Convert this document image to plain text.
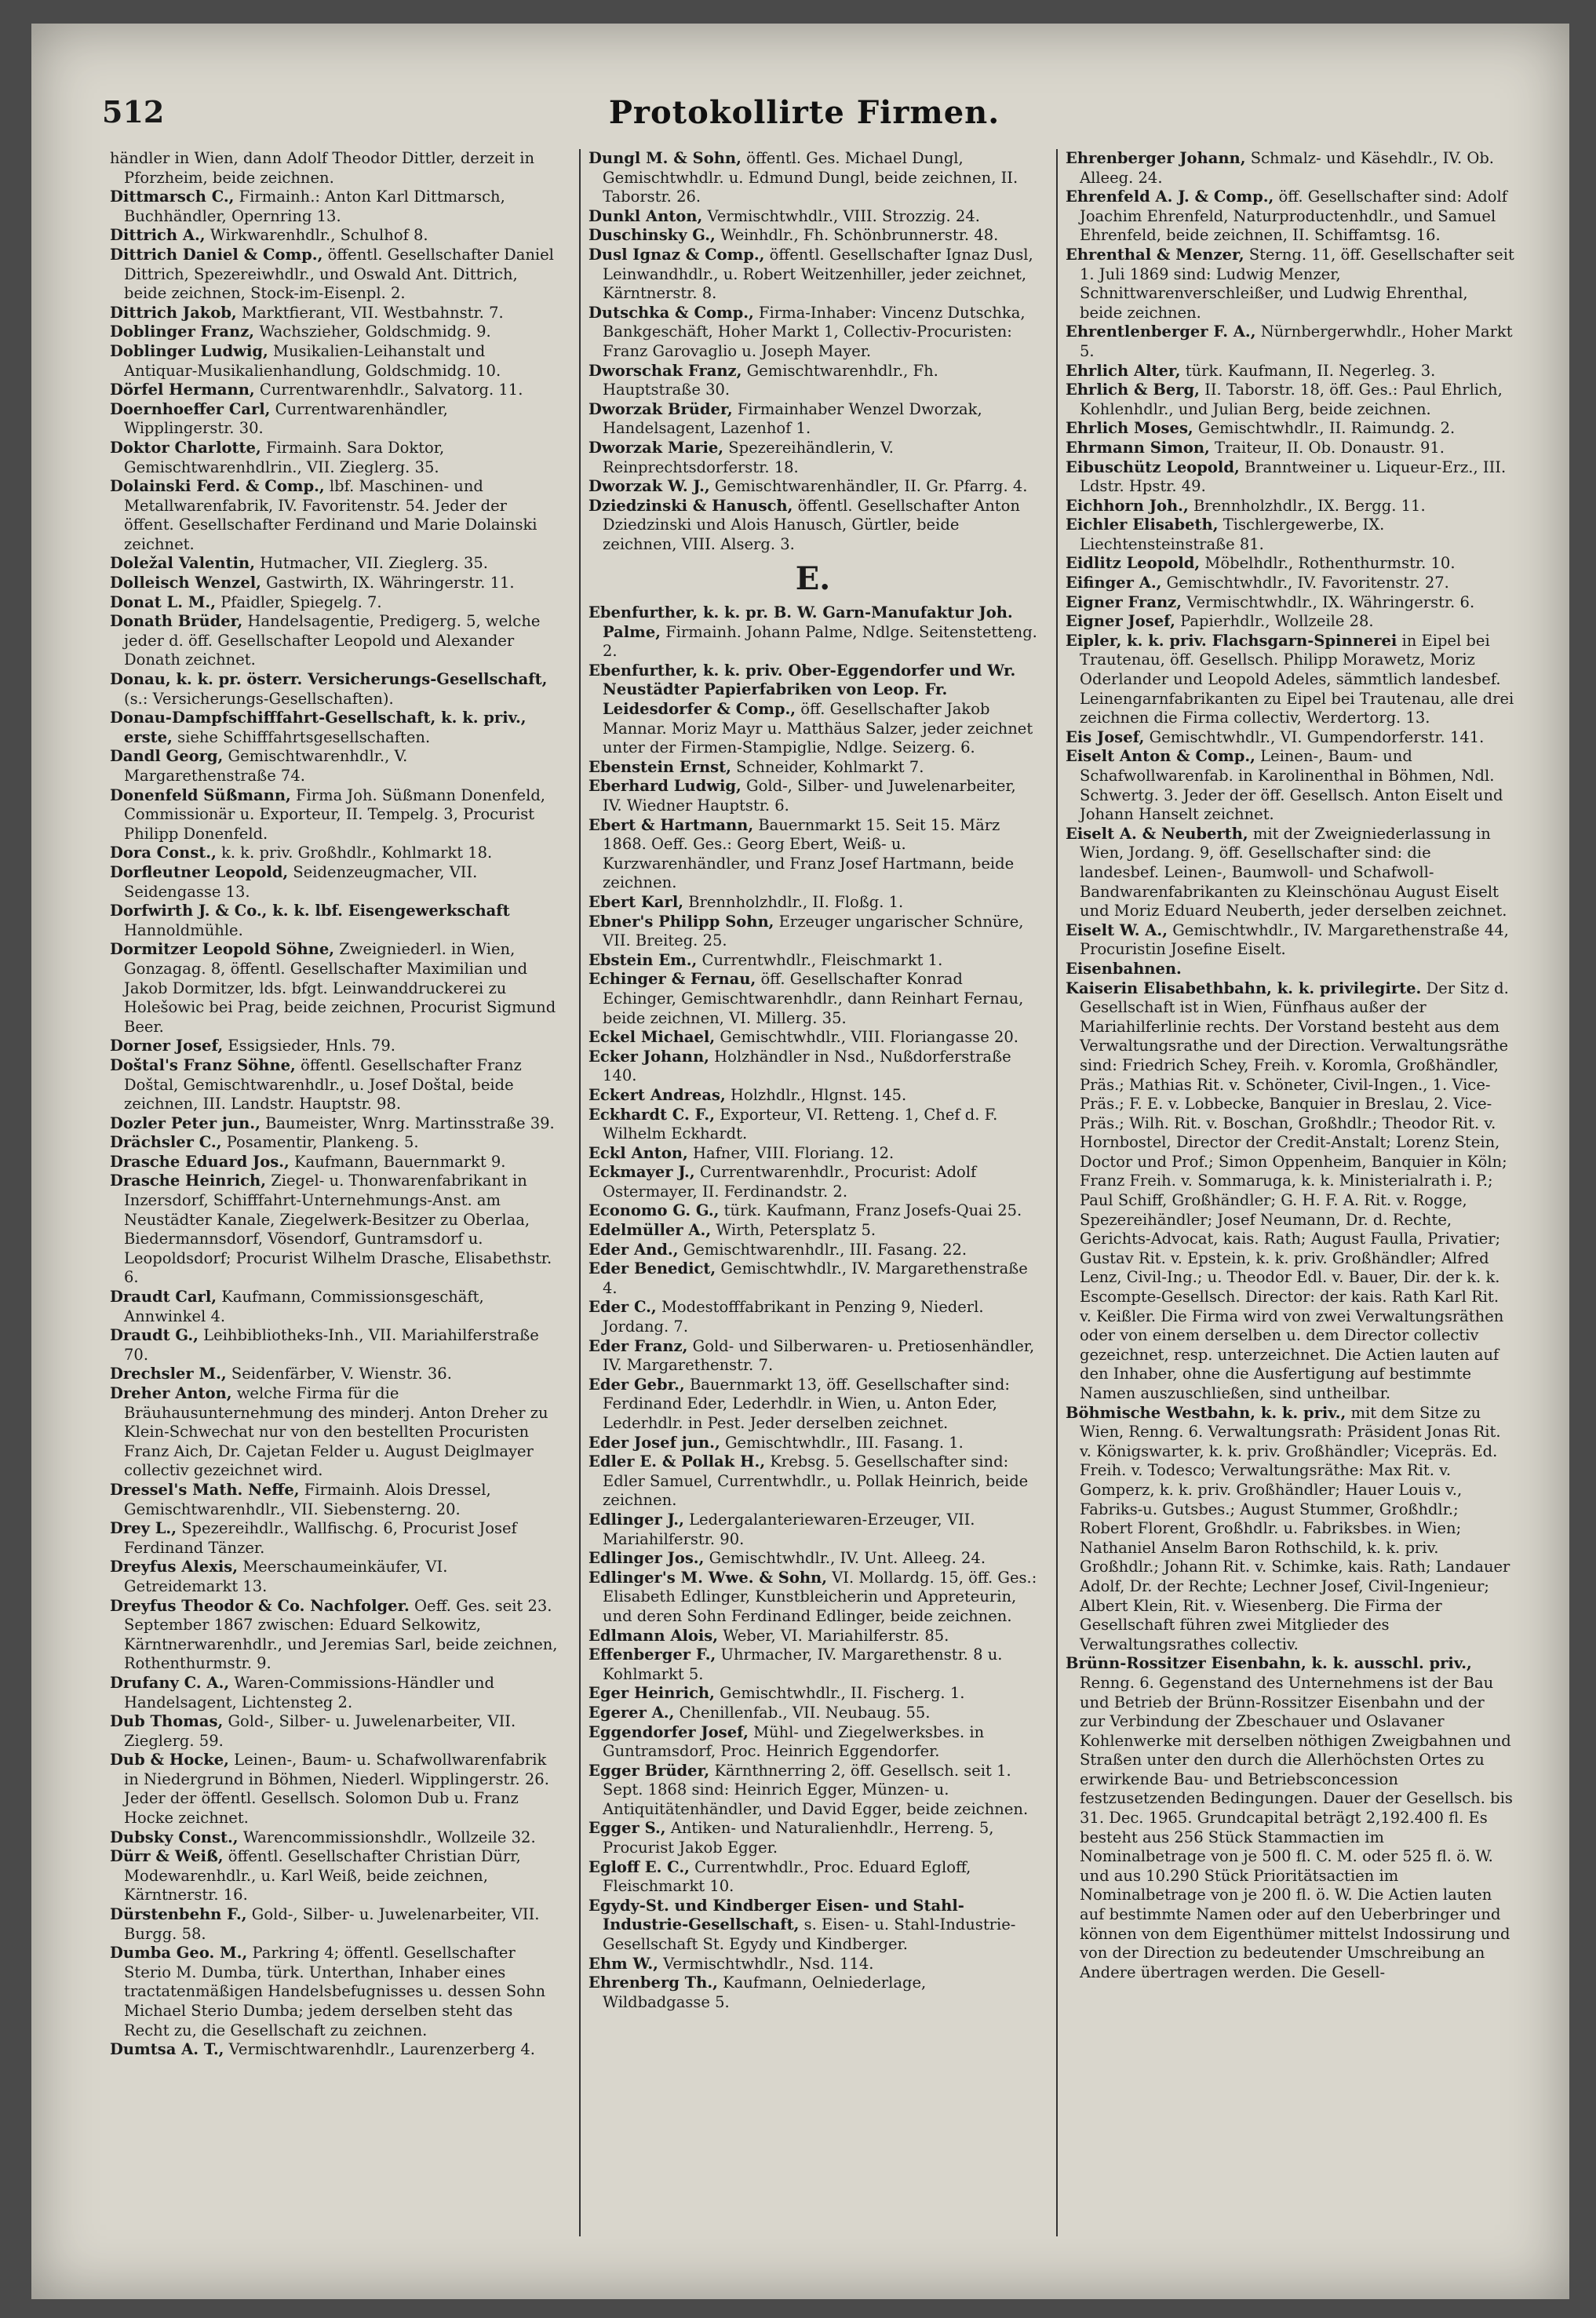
512	Protokollirte Firmen.

händler in Wien, dann Adolf Theodor Dittler, derzeit in Pforzheim, beide zeichnen.

Dittmarsch C., Firmainh.: Anton Karl Dittmarsch, Buchhändler, Opernring 13.

Dittrich A., Wirkwarenhdlr., Schulhof 8.

Dittrich Daniel & Comp., öffentl. Gesellschafter Daniel Dittrich, Spezereiwhdlr., und Oswald Ant. Dittrich, beide zeichnen, Stock-im-Eisenpl. 2.

Dittrich Jakob, Marktfierant, VII. Westbahnstr. 7.

Doblinger Franz, Wachszieher, Goldschmidg. 9.

Doblinger Ludwig, Musikalien-Leihanstalt und Antiquar-Musikalienhandlung, Goldschmidg. 10.

Dörfel Hermann, Currentwarenhdlr., Salvatorg. 11.

Doernhoeffer Carl, Currentwarenhändler, Wipplingerstr. 30.

Doktor Charlotte, Firmainh. Sara Doktor, Gemischtwarenhdlrin., VII. Zieglerg. 35.

Dolainski Ferd. & Comp., lbf. Maschinen- und Metallwarenfabrik, IV. Favoritenstr. 54. Jeder der öffent. Gesellschafter Ferdinand und Marie Dolainski zeichnet.

Doležal Valentin, Hutmacher, VII. Zieglerg. 35.

Dolleisch Wenzel, Gastwirth, IX. Währingerstr. 11.

Donat L. M., Pfaidler, Spiegelg. 7.

Donath Brüder, Handelsagentie, Predigerg. 5, welche jeder d. öff. Gesellschafter Leopold und Alexander Donath zeichnet.

Donau, k. k. pr. österr. Versicherungs-Gesellschaft, (s.: Versicherungs-Gesellschaften).

Donau-Dampfschifffahrt-Gesellschaft, k. k. priv., erste, siehe Schifffahrtsgesellschaften.

Dandl Georg, Gemischtwarenhdlr., V. Margarethenstraße 74.

Donenfeld Süßmann, Firma Joh. Süßmann Donenfeld, Commissionär u. Exporteur, II. Tempelg. 3, Procurist Philipp Donenfeld.

Dora Const., k. k. priv. Großhdlr., Kohlmarkt 18.

Dorfleutner Leopold, Seidenzeugmacher, VII. Seidengasse 13.

Dorfwirth J. & Co., k. k. lbf. Eisengewerkschaft Hannoldmühle.

Dormitzer Leopold Söhne, Zweigniederl. in Wien, Gonzagag. 8, öffentl. Gesellschafter Maximilian und Jakob Dormitzer, lds. bfgt. Leinwanddruckerei zu Holešowic bei Prag, beide zeichnen, Procurist Sigmund Beer.

Dorner Josef, Essigsieder, Hnls. 79.

Doštal's Franz Söhne, öffentl. Gesellschafter Franz Doštal, Gemischtwarenhdlr., u. Josef Doštal, beide zeichnen, III. Landstr. Hauptstr. 98.

Dozler Peter jun., Baumeister, Wnrg. Martinsstraße 39.

Drächsler C., Posamentir, Plankeng. 5.

Drasche Eduard Jos., Kaufmann, Bauernmarkt 9.

Drasche Heinrich, Ziegel- u. Thonwarenfabrikant in Inzersdorf, Schifffahrt-Unternehmungs-Anst. am Neustädter Kanale, Ziegelwerk-Besitzer zu Oberlaa, Biedermannsdorf, Vösendorf, Guntramsdorf u. Leopoldsdorf; Procurist Wilhelm Drasche, Elisabethstr. 6.

Draudt Carl, Kaufmann, Commissionsgeschäft, Annwinkel 4.

Draudt G., Leihbibliotheks-Inh., VII. Mariahilferstraße 70.

Drechsler M., Seidenfärber, V. Wienstr. 36.

Dreher Anton, welche Firma für die Bräuhausunternehmung des minderj. Anton Dreher zu Klein-Schwechat nur von den bestellten Procuristen Franz Aich, Dr. Cajetan Felder u. August Deiglmayer collectiv gezeichnet wird.

Dressel's Math. Neffe, Firmainh. Alois Dressel, Gemischtwarenhdlr., VII. Siebensterng. 20.

Drey L., Spezereihdlr., Wallfischg. 6, Procurist Josef Ferdinand Tänzer.

Dreyfus Alexis, Meerschaumeinkäufer, VI. Getreidemarkt 13.

Dreyfus Theodor & Co. Nachfolger. Oeff. Ges. seit 23. September 1867 zwischen: Eduard Selkowitz, Kärntnerwarenhdlr., und Jeremias Sarl, beide zeichnen, Rothenthurmstr. 9.

Drufany C. A., Waren-Commissions-Händler und Handelsagent, Lichtensteg 2.

Dub Thomas, Gold-, Silber- u. Juwelenarbeiter, VII. Zieglerg. 59.

Dub & Hocke, Leinen-, Baum- u. Schafwollwarenfabrik in Niedergrund in Böhmen, Niederl. Wipplingerstr. 26. Jeder der öffentl. Gesellsch. Solomon Dub u. Franz Hocke zeichnet.

Dubsky Const., Warencommissionshdlr., Wollzeile 32.

Dürr & Weiß, öffentl. Gesellschafter Christian Dürr, Modewarenhdlr., u. Karl Weiß, beide zeichnen, Kärntnerstr. 16.

Dürstenbehn F., Gold-, Silber- u. Juwelenarbeiter, VII. Burgg. 58.

Dumba Geo. M., Parkring 4; öffentl. Gesellschafter Sterio M. Dumba, türk. Unterthan, Inhaber eines tractatenmäßigen Handelsbefugnisses u. dessen Sohn Michael Sterio Dumba; jedem derselben steht das Recht zu, die Gesellschaft zu zeichnen.

Dumtsa A. T., Vermischtwarenhdlr., Laurenzerberg 4.

Dungl M. & Sohn, öffentl. Ges. Michael Dungl, Gemischtwhdlr. u. Edmund Dungl, beide zeichnen, II. Taborstr. 26.

Dunkl Anton, Vermischtwhdlr., VIII. Strozzig. 24.

Duschinsky G., Weinhdlr., Fh. Schönbrunnerstr. 48.

Dusl Ignaz & Comp., öffentl. Gesellschafter Ignaz Dusl, Leinwandhdlr., u. Robert Weitzenhiller, jeder zeichnet, Kärntnerstr. 8.

Dutschka & Comp., Firma-Inhaber: Vincenz Dutschka, Bankgeschäft, Hoher Markt 1, Collectiv-Procuristen: Franz Garovaglio u. Joseph Mayer.

Dworschak Franz, Gemischtwarenhdlr., Fh. Hauptstraße 30.

Dworzak Brüder, Firmainhaber Wenzel Dworzak, Handelsagent, Lazenhof 1.

Dworzak Marie, Spezereihändlerin, V. Reinprechtsdorferstr. 18.

Dworzak W. J., Gemischtwarenhändler, II. Gr. Pfarrg. 4.

Dziedzinski & Hanusch, öffentl. Gesellschafter Anton Dziedzinski und Alois Hanusch, Gürtler, beide zeichnen, VIII. Alserg. 3.

E.

Ebenfurther, k. k. pr. B. W. Garn-Manufaktur Joh. Palme, Firmainh. Johann Palme, Ndlge. Seitenstetteng. 2.

Ebenfurther, k. k. priv. Ober-Eggendorfer und Wr. Neustädter Papierfabriken von Leop. Fr. Leidesdorfer & Comp., öff. Gesellschafter Jakob Mannar. Moriz Mayr u. Matthäus Salzer, jeder zeichnet unter der Firmen-Stampiglie, Ndlge. Seizerg. 6.

Ebenstein Ernst, Schneider, Kohlmarkt 7.

Eberhard Ludwig, Gold-, Silber- und Juwelenarbeiter, IV. Wiedner Hauptstr. 6.

Ebert & Hartmann, Bauernmarkt 15. Seit 15. März 1868. Oeff. Ges.: Georg Ebert, Weiß- u. Kurzwarenhändler, und Franz Josef Hartmann, beide zeichnen.

Ebert Karl, Brennholzhdlr., II. Floßg. 1.

Ebner's Philipp Sohn, Erzeuger ungarischer Schnüre, VII. Breiteg. 25.

Ebstein Em., Currentwhdlr., Fleischmarkt 1.

Echinger & Fernau, öff. Gesellschafter Konrad Echinger, Gemischtwarenhdlr., dann Reinhart Fernau, beide zeichnen, VI. Millerg. 35.

Eckel Michael, Gemischtwhdlr., VIII. Floriangasse 20.

Ecker Johann, Holzhändler in Nsd., Nußdorferstraße 140.

Eckert Andreas, Holzhdlr., Hlgnst. 145.

Eckhardt C. F., Exporteur, VI. Retteng. 1, Chef d. F. Wilhelm Eckhardt.

Eckl Anton, Hafner, VIII. Floriang. 12.

Eckmayer J., Currentwarenhdlr., Procurist: Adolf Ostermayer, II. Ferdinandstr. 2.

Economo G. G., türk. Kaufmann, Franz Josefs-Quai 25.

Edelmüller A., Wirth, Petersplatz 5.

Eder And., Gemischtwarenhdlr., III. Fasang. 22.

Eder Benedict, Gemischtwhdlr., IV. Margarethenstraße 4.

Eder C., Modestofffabrikant in Penzing 9, Niederl. Jordang. 7.

Eder Franz, Gold- und Silberwaren- u. Pretiosenhändler, IV. Margarethenstr. 7.

Eder Gebr., Bauernmarkt 13, öff. Gesellschafter sind: Ferdinand Eder, Lederhdlr. in Wien, u. Anton Eder, Lederhdlr. in Pest. Jeder derselben zeichnet.

Eder Josef jun., Gemischtwhdlr., III. Fasang. 1.

Edler E. & Pollak H., Krebsg. 5. Gesellschafter sind: Edler Samuel, Currentwhdlr., u. Pollak Heinrich, beide zeichnen.

Edlinger J., Ledergalanteriewaren-Erzeuger, VII. Mariahilferstr. 90.

Edlinger Jos., Gemischtwhdlr., IV. Unt. Alleeg. 24.

Edlinger's M. Wwe. & Sohn, VI. Mollardg. 15, öff. Ges.: Elisabeth Edlinger, Kunstbleicherin und Appreteurin, und deren Sohn Ferdinand Edlinger, beide zeichnen.

Edlmann Alois, Weber, VI. Mariahilferstr. 85.

Effenberger F., Uhrmacher, IV. Margarethenstr. 8 u. Kohlmarkt 5.

Eger Heinrich, Gemischtwhdlr., II. Fischerg. 1.

Egerer A., Chenillenfab., VII. Neubaug. 55.

Eggendorfer Josef, Mühl- und Ziegelwerksbes. in Guntramsdorf, Proc. Heinrich Eggendorfer.

Egger Brüder, Kärnthnerring 2, öff. Gesellsch. seit 1. Sept. 1868 sind: Heinrich Egger, Münzen- u. Antiquitätenhändler, und David Egger, beide zeichnen.

Egger S., Antiken- und Naturalienhdlr., Herreng. 5, Procurist Jakob Egger.

Egloff E. C., Currentwhdlr., Proc. Eduard Egloff, Fleischmarkt 10.

Egydy-St. und Kindberger Eisen- und Stahl-Industrie-Gesellschaft, s. Eisen- u. Stahl-Industrie-Gesellschaft St. Egydy und Kindberger.

Ehm W., Vermischtwhdlr., Nsd. 114.

Ehrenberg Th., Kaufmann, Oelniederlage, Wildbadgasse 5.

Ehrenberger Johann, Schmalz- und Käsehdlr., IV. Ob. Alleeg. 24.

Ehrenfeld A. J. & Comp., öff. Gesellschafter sind: Adolf Joachim Ehrenfeld, Naturproductenhdlr., und Samuel Ehrenfeld, beide zeichnen, II. Schiffamtsg. 16.

Ehrenthal & Menzer, Sterng. 11, öff. Gesellschafter seit 1. Juli 1869 sind: Ludwig Menzer, Schnittwarenverschleißer, und Ludwig Ehrenthal, beide zeichnen.

Ehrentlenberger F. A., Nürnbergerwhdlr., Hoher Markt 5.

Ehrlich Alter, türk. Kaufmann, II. Negerleg. 3.

Ehrlich & Berg, II. Taborstr. 18, öff. Ges.: Paul Ehrlich, Kohlenhdlr., und Julian Berg, beide zeichnen.

Ehrlich Moses, Gemischtwhdlr., II. Raimundg. 2.

Ehrmann Simon, Traiteur, II. Ob. Donaustr. 91.

Eibuschütz Leopold, Branntweiner u. Liqueur-Erz., III. Ldstr. Hpstr. 49.

Eichhorn Joh., Brennholzhdlr., IX. Bergg. 11.

Eichler Elisabeth, Tischlergewerbe, IX. Liechtensteinstraße 81.

Eidlitz Leopold, Möbelhdlr., Rothenthurmstr. 10.

Eifinger A., Gemischtwhdlr., IV. Favoritenstr. 27.

Eigner Franz, Vermischtwhdlr., IX. Währingerstr. 6.

Eigner Josef, Papierhdlr., Wollzeile 28.

Eipler, k. k. priv. Flachsgarn-Spinnerei in Eipel bei Trautenau, öff. Gesellsch. Philipp Morawetz, Moriz Oderlander und Leopold Adeles, sämmtlich landesbef. Leinengarnfabrikanten zu Eipel bei Trautenau, alle drei zeichnen die Firma collectiv, Werdertorg. 13.

Eis Josef, Gemischtwhdlr., VI. Gumpendorferstr. 141.

Eiselt Anton & Comp., Leinen-, Baum- und Schafwollwarenfab. in Karolinenthal in Böhmen, Ndl. Schwertg. 3. Jeder der öff. Gesellsch. Anton Eiselt und Johann Hanselt zeichnet.

Eiselt A. & Neuberth, mit der Zweigniederlassung in Wien, Jordang. 9, öff. Gesellschafter sind: die landesbef. Leinen-, Baumwoll- und Schafwoll-Bandwarenfabrikanten zu Kleinschönau August Eiselt und Moriz Eduard Neuberth, jeder derselben zeichnet.

Eiselt W. A., Gemischtwhdlr., IV. Margarethenstraße 44, Procuristin Josefine Eiselt.

Eisenbahnen.

Kaiserin Elisabethbahn, k. k. privilegirte. Der Sitz d. Gesellschaft ist in Wien, Fünfhaus außer der Mariahilferlinie rechts. Der Vorstand besteht aus dem Verwaltungsrathe und der Direction. Verwaltungsräthe sind: Friedrich Schey, Freih. v. Koromla, Großhändler, Präs.; Mathias Rit. v. Schöneter, Civil-Ingen., 1. Vice-Präs.; F. E. v. Lobbecke, Banquier in Breslau, 2. Vice-Präs.; Wilh. Rit. v. Boschan, Großhdlr.; Theodor Rit. v. Hornbostel, Director der Credit-Anstalt; Lorenz Stein, Doctor und Prof.; Simon Oppenheim, Banquier in Köln; Franz Freih. v. Sommaruga, k. k. Ministerialrath i. P.; Paul Schiff, Großhändler; G. H. F. A. Rit. v. Rogge, Spezereihändler; Josef Neumann, Dr. d. Rechte, Gerichts-Advocat, kais. Rath; August Faulla, Privatier; Gustav Rit. v. Epstein, k. k. priv. Großhändler; Alfred Lenz, Civil-Ing.; u. Theodor Edl. v. Bauer, Dir. der k. k. Escompte-Gesellsch. Director: der kais. Rath Karl Rit. v. Keißler. Die Firma wird von zwei Verwaltungsräthen oder von einem derselben u. dem Director collectiv gezeichnet, resp. unterzeichnet. Die Actien lauten auf den Inhaber, ohne die Ausfertigung auf bestimmte Namen auszuschließen, sind untheilbar.

Böhmische Westbahn, k. k. priv., mit dem Sitze zu Wien, Renng. 6. Verwaltungsrath: Präsident Jonas Rit. v. Königswarter, k. k. priv. Großhändler; Vicepräs. Ed. Freih. v. Todesco; Verwaltungsräthe: Max Rit. v. Gomperz, k. k. priv. Großhändler; Hauer Louis v., Fabriks-u. Gutsbes.; August Stummer, Großhdlr.; Robert Florent, Großhdlr. u. Fabriksbes. in Wien; Nathaniel Anselm Baron Rothschild, k. k. priv. Großhdlr.; Johann Rit. v. Schimke, kais. Rath; Landauer Adolf, Dr. der Rechte; Lechner Josef, Civil-Ingenieur; Albert Klein, Rit. v. Wiesenberg. Die Firma der Gesellschaft führen zwei Mitglieder des Verwaltungsrathes collectiv.

Brünn-Rossitzer Eisenbahn, k. k. ausschl. priv., Renng. 6. Gegenstand des Unternehmens ist der Bau und Betrieb der Brünn-Rossitzer Eisenbahn und der zur Verbindung der Zbeschauer und Oslavaner Kohlenwerke mit derselben nöthigen Zweigbahnen und Straßen unter den durch die Allerhöchsten Ortes zu erwirkende Bau- und Betriebsconcession festzusetzenden Bedingungen. Dauer der Gesellsch. bis 31. Dec. 1965. Grundcapital beträgt 2,192.400 fl. Es besteht aus 256 Stück Stammactien im Nominalbetrage von je 500 fl. C. M. oder 525 fl. ö. W. und aus 10.290 Stück Prioritätsactien im Nominalbetrage von je 200 fl. ö. W. Die Actien lauten auf bestimmte Namen oder auf den Ueberbringer und können von dem Eigenthümer mittelst Indossirung und von der Direction zu bedeutender Umschreibung an Andere übertragen werden. Die Gesell-
